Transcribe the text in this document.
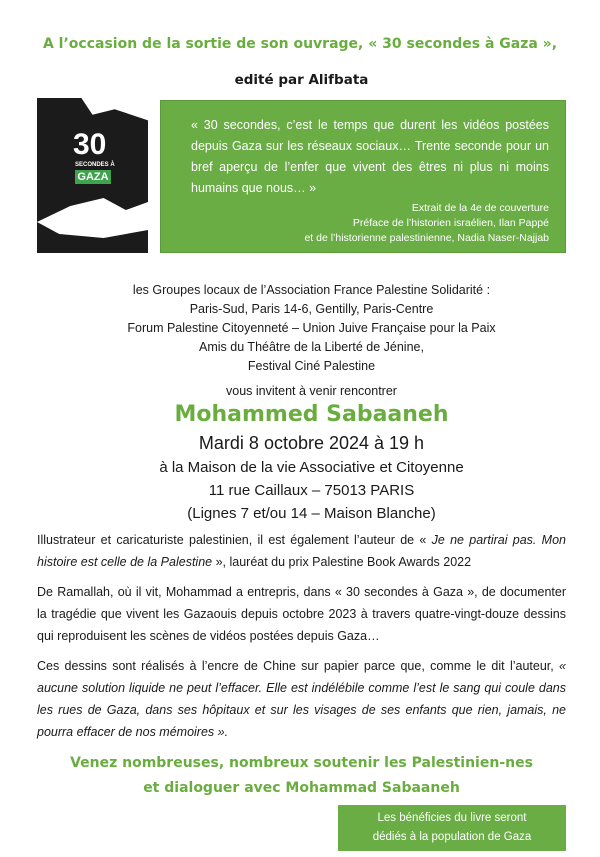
A l’occasion de la sortie de son ouvrage, « 30 secondes à Gaza »,
edité par Alifbata
30
SECONDES À
GAZA
« 30 secondes, c’est le temps que durent les vidéos postées depuis Gaza sur les réseaux sociaux… Trente seconde pour un bref aperçu de l’enfer que vivent des êtres ni plus ni moins humains que nous… »
Extrait de la 4e de couverture
Préface de l’historien israélien, Ilan Pappé
et de l’historienne palestinienne, Nadia Naser-Najjab
les Groupes locaux de l’Association France Palestine Solidarité :
Paris-Sud, Paris 14-6, Gentilly, Paris-Centre
Forum Palestine Citoyenneté – Union Juive Française pour la Paix
Amis du Théâtre de la Liberté de Jénine,
Festival Ciné Palestine
vous invitent à venir rencontrer
Mohammed Sabaaneh
Mardi 8 octobre 2024 à 19 h
à la Maison de la vie Associative et Citoyenne
11 rue Caillaux – 75013 PARIS
(Lignes 7 et/ou 14 – Maison Blanche)
Illustrateur et caricaturiste palestinien, il est également l’auteur de « Je ne partirai pas. Mon histoire est celle de la Palestine », lauréat du prix Palestine Book Awards 2022
De Ramallah, où il vit, Mohammad a entrepris, dans « 30 secondes à Gaza », de documenter la tragédie que vivent les Gazaouis depuis octobre 2023 à travers quatre-vingt-douze dessins qui reproduisent les scènes de vidéos postées depuis Gaza…
Ces dessins sont réalisés à l’encre de Chine sur papier parce que, comme le dit l’auteur, « aucune solution liquide ne peut l’effacer. Elle est indélébile comme l’est le sang qui coule dans les rues de Gaza, dans ses hôpitaux et sur les visages de ses enfants que rien, jamais, ne pourra effacer de nos mémoires ».
Venez nombreuses, nombreux soutenir les Palestinien-nes
et dialoguer avec Mohammad Sabaaneh
Les bénéficies du livre seront
dédiés à la population de Gaza
